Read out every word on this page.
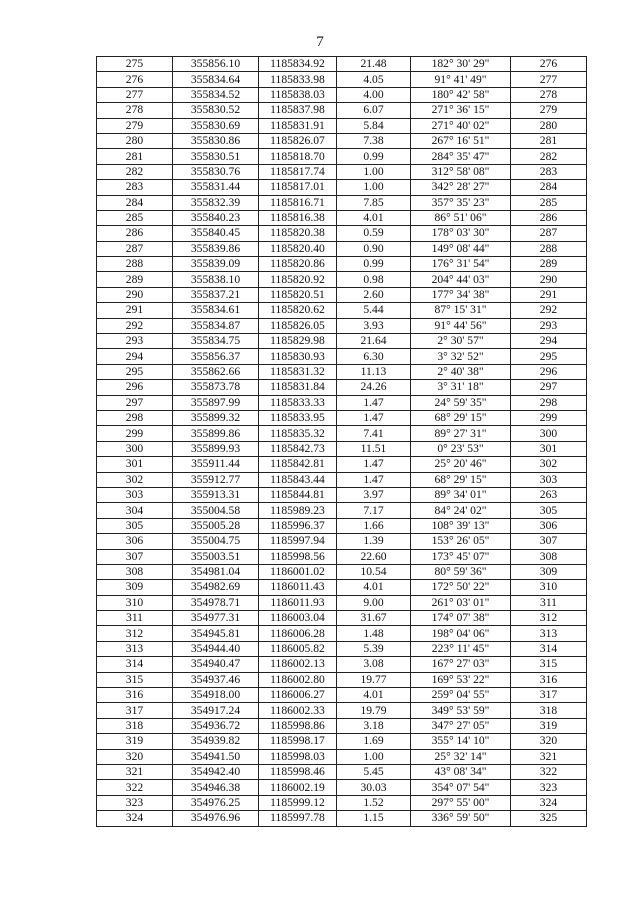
7
275	355856.10	1185834.92	21.48	182° 30' 29"	276
276	355834.64	1185833.98	4.05	91° 41' 49"	277
277	355834.52	1185838.03	4.00	180° 42' 58"	278
278	355830.52	1185837.98	6.07	271° 36' 15"	279
279	355830.69	1185831.91	5.84	271° 40' 02"	280
280	355830.86	1185826.07	7.38	267° 16' 51"	281
281	355830.51	1185818.70	0.99	284° 35' 47"	282
282	355830.76	1185817.74	1.00	312° 58' 08"	283
283	355831.44	1185817.01	1.00	342° 28' 27"	284
284	355832.39	1185816.71	7.85	357° 35' 23"	285
285	355840.23	1185816.38	4.01	86° 51' 06"	286
286	355840.45	1185820.38	0.59	178° 03' 30"	287
287	355839.86	1185820.40	0.90	149° 08' 44"	288
288	355839.09	1185820.86	0.99	176° 31' 54"	289
289	355838.10	1185820.92	0.98	204° 44' 03"	290
290	355837.21	1185820.51	2.60	177° 34' 38"	291
291	355834.61	1185820.62	5.44	87° 15' 31"	292
292	355834.87	1185826.05	3.93	91° 44' 56"	293
293	355834.75	1185829.98	21.64	2° 30' 57"	294
294	355856.37	1185830.93	6.30	3° 32' 52"	295
295	355862.66	1185831.32	11.13	2° 40' 38"	296
296	355873.78	1185831.84	24.26	3° 31' 18"	297
297	355897.99	1185833.33	1.47	24° 59' 35"	298
298	355899.32	1185833.95	1.47	68° 29' 15"	299
299	355899.86	1185835.32	7.41	89° 27' 31"	300
300	355899.93	1185842.73	11.51	0° 23' 53"	301
301	355911.44	1185842.81	1.47	25° 20' 46"	302
302	355912.77	1185843.44	1.47	68° 29' 15"	303
303	355913.31	1185844.81	3.97	89° 34' 01"	263
304	355004.58	1185989.23	7.17	84° 24' 02"	305
305	355005.28	1185996.37	1.66	108° 39' 13"	306
306	355004.75	1185997.94	1.39	153° 26' 05"	307
307	355003.51	1185998.56	22.60	173° 45' 07"	308
308	354981.04	1186001.02	10.54	80° 59' 36"	309
309	354982.69	1186011.43	4.01	172° 50' 22"	310
310	354978.71	1186011.93	9.00	261° 03' 01"	311
311	354977.31	1186003.04	31.67	174° 07' 38"	312
312	354945.81	1186006.28	1.48	198° 04' 06"	313
313	354944.40	1186005.82	5.39	223° 11' 45"	314
314	354940.47	1186002.13	3.08	167° 27' 03"	315
315	354937.46	1186002.80	19.77	169° 53' 22"	316
316	354918.00	1186006.27	4.01	259° 04' 55"	317
317	354917.24	1186002.33	19.79	349° 53' 59"	318
318	354936.72	1185998.86	3.18	347° 27' 05"	319
319	354939.82	1185998.17	1.69	355° 14' 10"	320
320	354941.50	1185998.03	1.00	25° 32' 14"	321
321	354942.40	1185998.46	5.45	43° 08' 34"	322
322	354946.38	1186002.19	30.03	354° 07' 54"	323
323	354976.25	1185999.12	1.52	297° 55' 00"	324
324	354976.96	1185997.78	1.15	336° 59' 50"	325
